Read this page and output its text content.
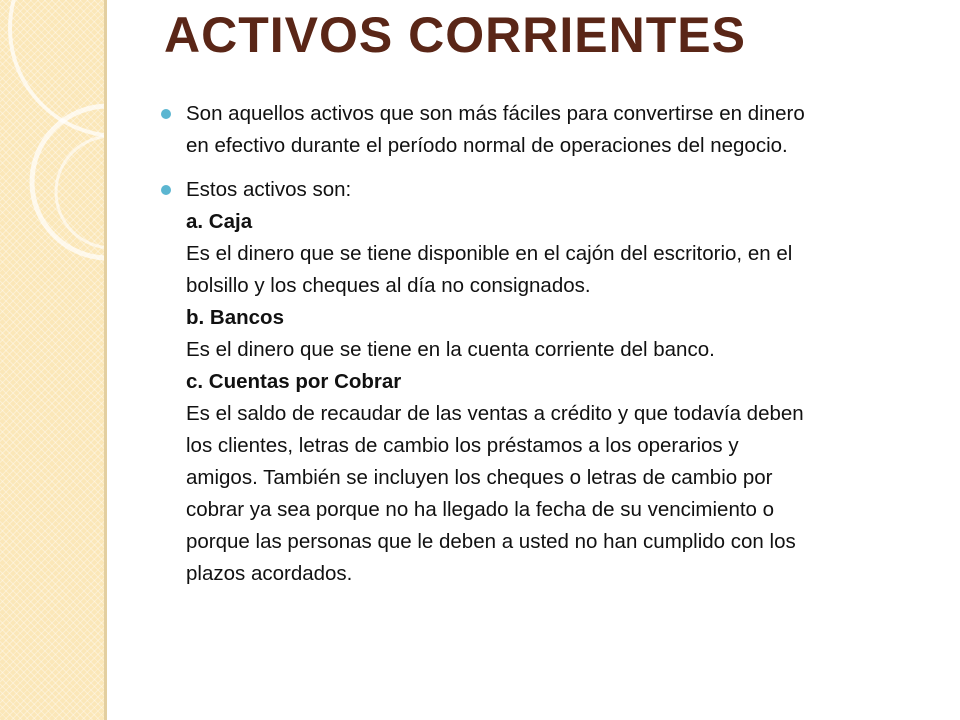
ACTIVOS CORRIENTES
Son aquellos activos que son más fáciles para convertirse en dinero
en efectivo durante el período normal de operaciones del negocio.
Estos activos son:
a. Caja
Es el dinero que se tiene disponible en el cajón del escritorio, en el
bolsillo y los cheques al día no consignados.
b. Bancos
Es el dinero que se tiene en la cuenta corriente del banco.
c. Cuentas por Cobrar
Es el saldo de recaudar de las ventas a crédito y que todavía deben
los clientes, letras de cambio los préstamos a los operarios y
amigos. También se incluyen los cheques o letras de cambio por
cobrar ya sea porque no ha llegado la fecha de su vencimiento o
porque las personas que le deben a usted no han cumplido con los
plazos acordados.
